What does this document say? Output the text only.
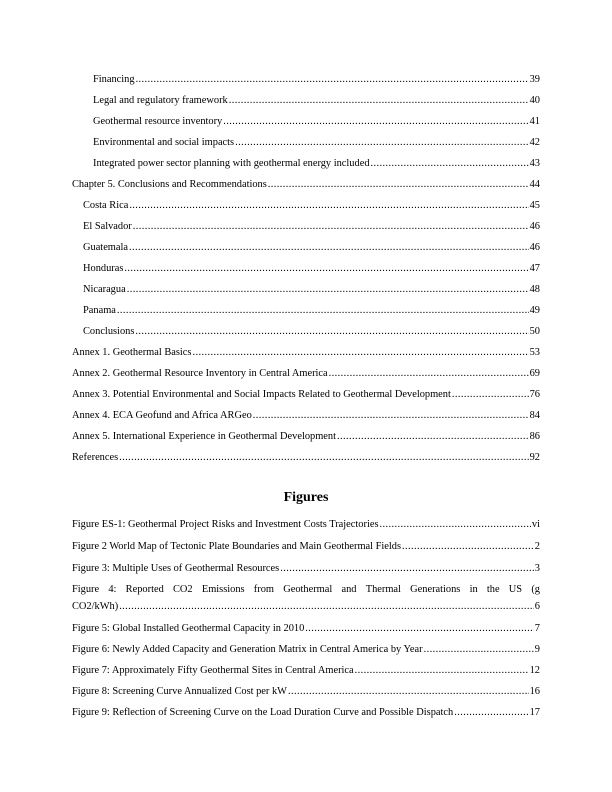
Financing .....	39
Legal and regulatory framework .....	40
Geothermal resource inventory .....	41
Environmental and social impacts .....	42
Integrated power sector planning with geothermal energy included .....	43
Chapter 5. Conclusions and Recommendations .....	44
Costa Rica .....	45
El Salvador .....	46
Guatemala .....	46
Honduras .....	47
Nicaragua .....	48
Panama .....	49
Conclusions .....	50
Annex 1. Geothermal Basics .....	53
Annex 2. Geothermal Resource Inventory in Central America .....	69
Annex 3. Potential Environmental and Social Impacts Related to Geothermal Development .....	76
Annex 4. ECA Geofund and Africa ARGeo .....	84
Annex 5. International Experience in Geothermal Development .....	86
References .....	92
Figures
Figure ES-1: Geothermal Project Risks and Investment Costs Trajectories .....	vi
Figure 2 World Map of Tectonic Plate Boundaries and Main Geothermal Fields .....	2
Figure 3: Multiple Uses of Geothermal Resources .....	3
Figure 4: Reported CO2 Emissions from Geothermal and Thermal Generations in the US (g
CO2/kWh) .....	6
Figure 5: Global Installed Geothermal Capacity in 2010 .....	7
Figure 6: Newly Added Capacity and Generation Matrix in Central America by Year .....	9
Figure 7: Approximately Fifty Geothermal Sites in Central America .....	12
Figure 8: Screening Curve Annualized Cost per kW .....	16
Figure 9: Reflection of Screening Curve on the Load Duration Curve and Possible Dispatch .....	17
